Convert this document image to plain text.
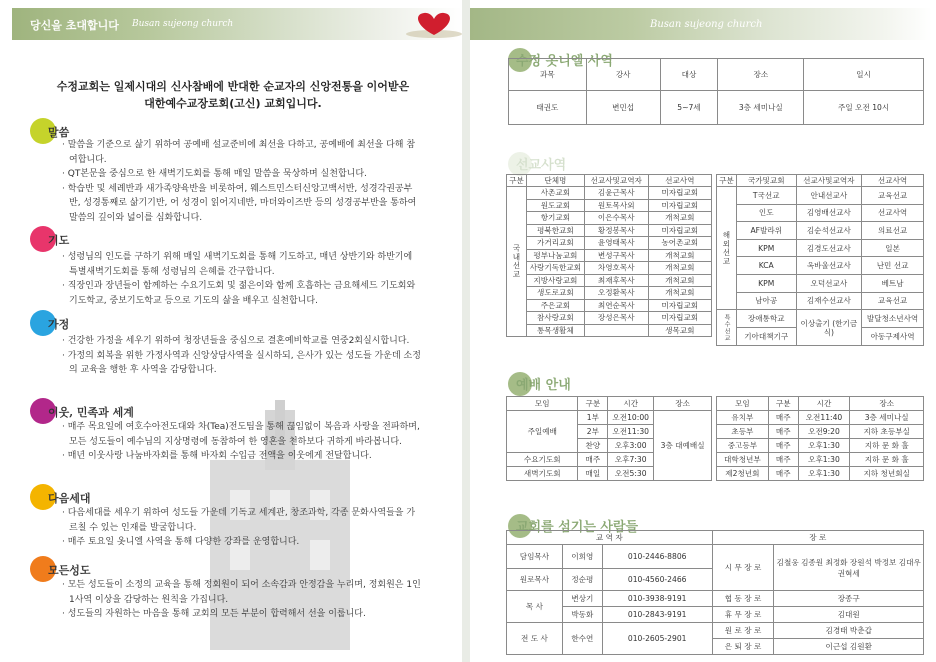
당신을 초대합니다 Busan sujeong church
수정교회는 일제시대의 신사참배에 반대한 순교자의 신앙전통을 이어받은
대한예수교장로회(고신) 교회입니다.
말씀
· 말씀을 기준으로 삶기 위하여 공예배 설교준비에 최선을 다하고, 공예배에 최선을 다해 참여합니다.
· QT본문을 중심으로 한 새벽기도회를 통해 매일 말씀을 묵상하며 실천합니다.
· 학습반 및 세례반과 새가족양육반을 비롯하여, 웨스트민스터신앙고백서반, 성경각권공부반, 성경통째로 삶기기반, 어 성경이 읽어지네반, 마더와이즈반 등의 성경공부반을 통하여 말씀의 깊이와 넓이를 심화합니다.
기도
· 성령님의 인도를 구하기 위해 매일 새벽기도회를 통해 기도하고, 매년 상반기와 하반기에 특별새벽기도회를 통해 성령님의 은혜를 간구합니다.
· 직장인과 장년들이 함께하는 수요기도회 및 젊은이와 함께 호흡하는 금요해세드 기도회와 기도학교, 중보기도학교 등으로 기도의 삶을 배우고 실천합니다.
가정
· 건강한 가정을 세우기 위하여 청장년들을 중심으로 결혼예비학교를 연중2회실시합니다.
· 가정의 회복을 위한 가정사역과 신앙상담사역을 실시하되, 은사가 있는 성도들 가운데 소정의 교육을 행한 후 사역을 감당합니다.
이웃, 민족과 세계
· 매주 목요일에 여호수아전도대와 차(Tea)전도팀을 통해 끊임없이 복음과 사랑을 전파하며, 모든 성도들이 예수님의 지상명령에 동참하여 한 영혼을 천하보다 귀하게 바라봅니다.
· 매년 이웃사랑 나눔바자회를 통해 바자회 수입금 전액을 이웃에게 전달합니다.
다음세대
· 다음세대를 세우기 위하여 성도들 가운데 기독교 세계관, 창조과학, 각종 문화사역들을 가르칠 수 있는 인재를 발굴합니다.
· 매주 토요일 옷니엘 사역을 통해 다양한 강좌를 운영합니다.
모든성도
· 모든 성도들이 소정의 교육을 통해 정회원이 되어 소속감과 안정감을 누리며, 정회원은 1인 1사역 이상을 감당하는 원칙을 가집니다.
· 성도들의 자원하는 마음을 통해 교회의 모든 부분이 합력해서 선을 이룹니다.
Busan sujeong church
수정 옷니엘 사역
과목	강사	대상	장소	일시
태권도	변민섭	5~7세	3층 세미나실	주일 오전 10시
선교사역
구분	단체명	선교사및교역자	선교사역
국내선교	사촌교회	김윤근목사	미자립교회
	원도교회	원토목사외	미자립교회
	항기교회	이은수목사	개척교회
	평북한교회	황정봉목사	미자립교회
	가거리교회	윤영태목사	농어촌교회
	평부나눔교회	변성구목사	개척교회
	사랑기독한교회	차영호목사	개척교회
	지방사랑교회	최재후목사	개척교회
	생도로교회	오정환목사	개척교회
	주은교회	최연순목사	미자립교회
	참사랑교회	장성은목사	미자립교회
	통목생활체		생목교회
구분	국가및교회	선교사및교역자	선교사역
해외선교	T국선교	안내선교사	교육선교
	인도	김영배선교사	선교사역
	AF발라위	김순석선교사	의료선교
	KPM	김경도선교사	일본
	KCA	옥바울선교사	난민 선교
	KPM	오덕선교사	베트남
	남아공	김재수선교사	교육선교
특수선교	장애통학교	이상출기 (한기금식)	발달청소년사역
	기아대책기구		아동구제사역
예배 안내
모임	구분	시간	장소
주일예배	1부	오전10:00	3층 대예배실
	2부	오전11:30	
	찬양	오후3:00	
수요기도회	매주	오후7:30	
새벽기도회	매일	오전5:30	
모임	구분	시간	장소
유치부	매주	오전11:40	3층 세미나실
초등부	매주	오전9:20	지하 초등부실
중고등부	매주	오후1:30	지하 문 화 홀
대학청년부	매주	오후1:30	지하 문 화 홀
제2청년회	매주	오후1:30	지하 청년회실
교회를 섬기는 사람들
교 역 자			장 로	
담임목사	이희영	010-2446-8806	시 무 장 로	김철웅 김종원 최정화 장원석 박정보 김대우 권혁세
원로목사	정순평	010-4560-2466		
목 사	변상기	010-3938-9191	협 동 장 로	장종구
	박동화	010-2843-9191	휴 무 장 로	김대원
전 도 사	한수연	010-2605-2901	원 로 장 로	김경태 박춘갑
			은 퇴 장 로	이근섭 김원환
